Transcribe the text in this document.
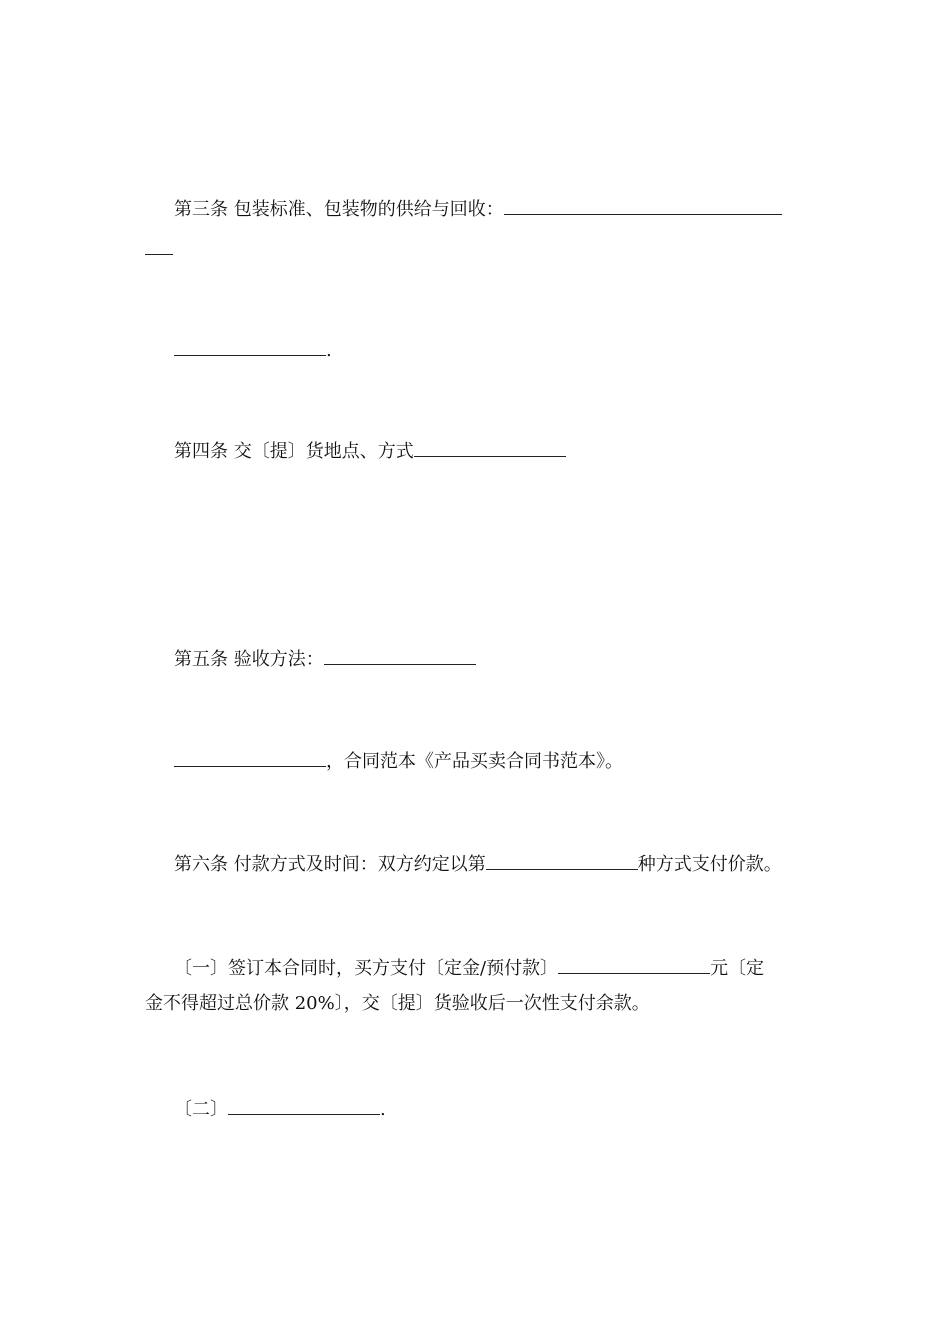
第三条 包装标准、包装物的供给与回收：
.
第四条 交〔提〕货地点、方式
第五条 验收方法：
，合同范本《产品买卖合同书范本》。
第六条 付款方式及时间：双方约定以第	种方式支付价款。
〔一〕签订本合同时，买方支付〔定金/预付款〕	元〔定
金不得超过总价款 20%〕，交〔提〕货验收后一次性支付余款。
〔二〕	.
